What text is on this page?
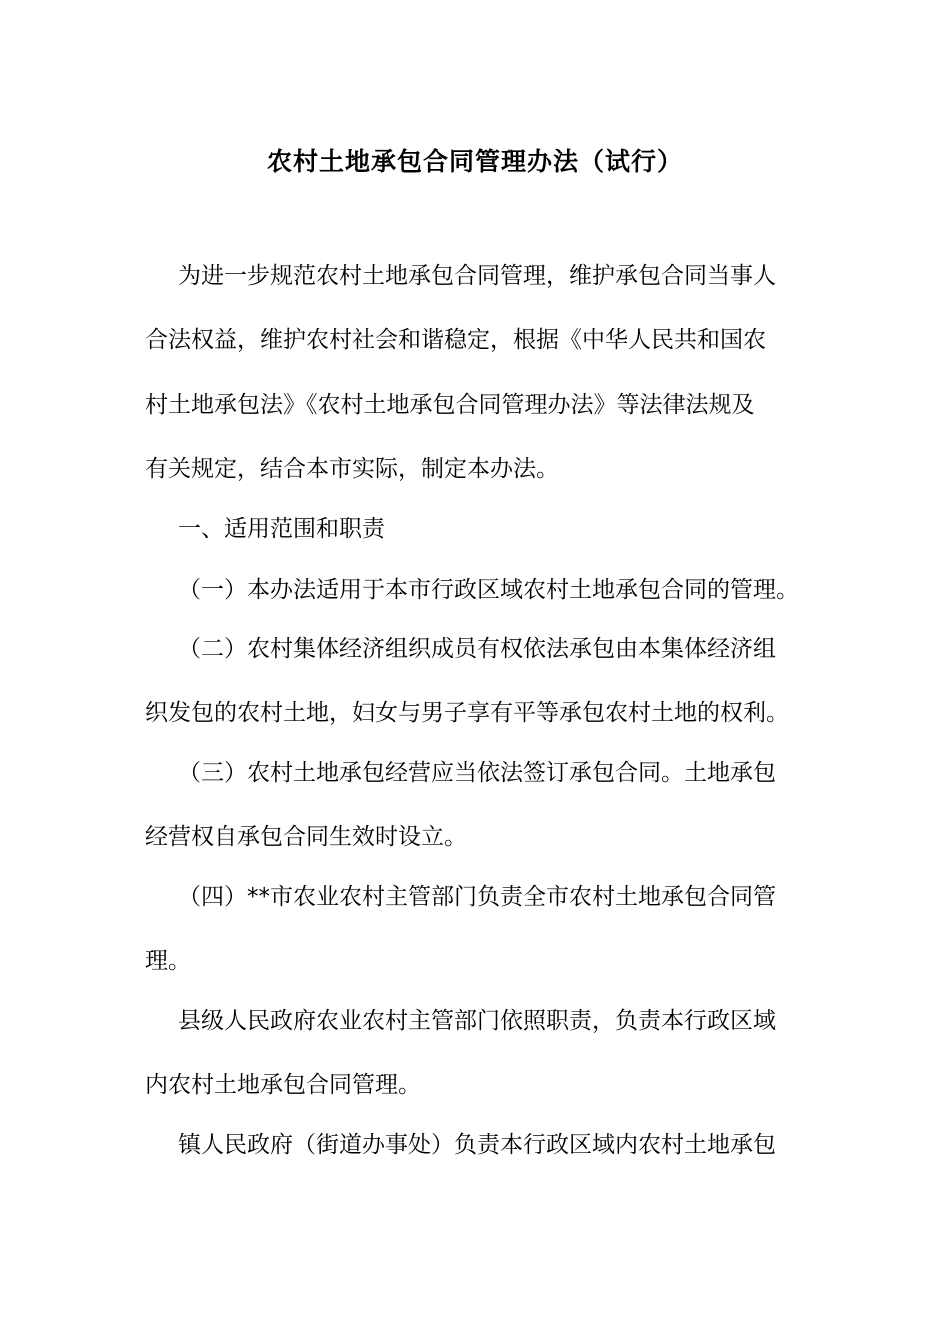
农村土地承包合同管理办法（试行）

为进一步规范农村土地承包合同管理，维护承包合同当事人

合法权益，维护农村社会和谐稳定，根据《中华人民共和国农

村土地承包法》《农村土地承包合同管理办法》等法律法规及

有关规定，结合本市实际，制定本办法。

一、适用范围和职责

（一）本办法适用于本市行政区域农村土地承包合同的管理。

（二）农村集体经济组织成员有权依法承包由本集体经济组

织发包的农村土地，妇女与男子享有平等承包农村土地的权利。

（三）农村土地承包经营应当依法签订承包合同。土地承包

经营权自承包合同生效时设立。

（四）**市农业农村主管部门负责全市农村土地承包合同管

理。

县级人民政府农业农村主管部门依照职责，负责本行政区域

内农村土地承包合同管理。

镇人民政府（街道办事处）负责本行政区域内农村土地承包
